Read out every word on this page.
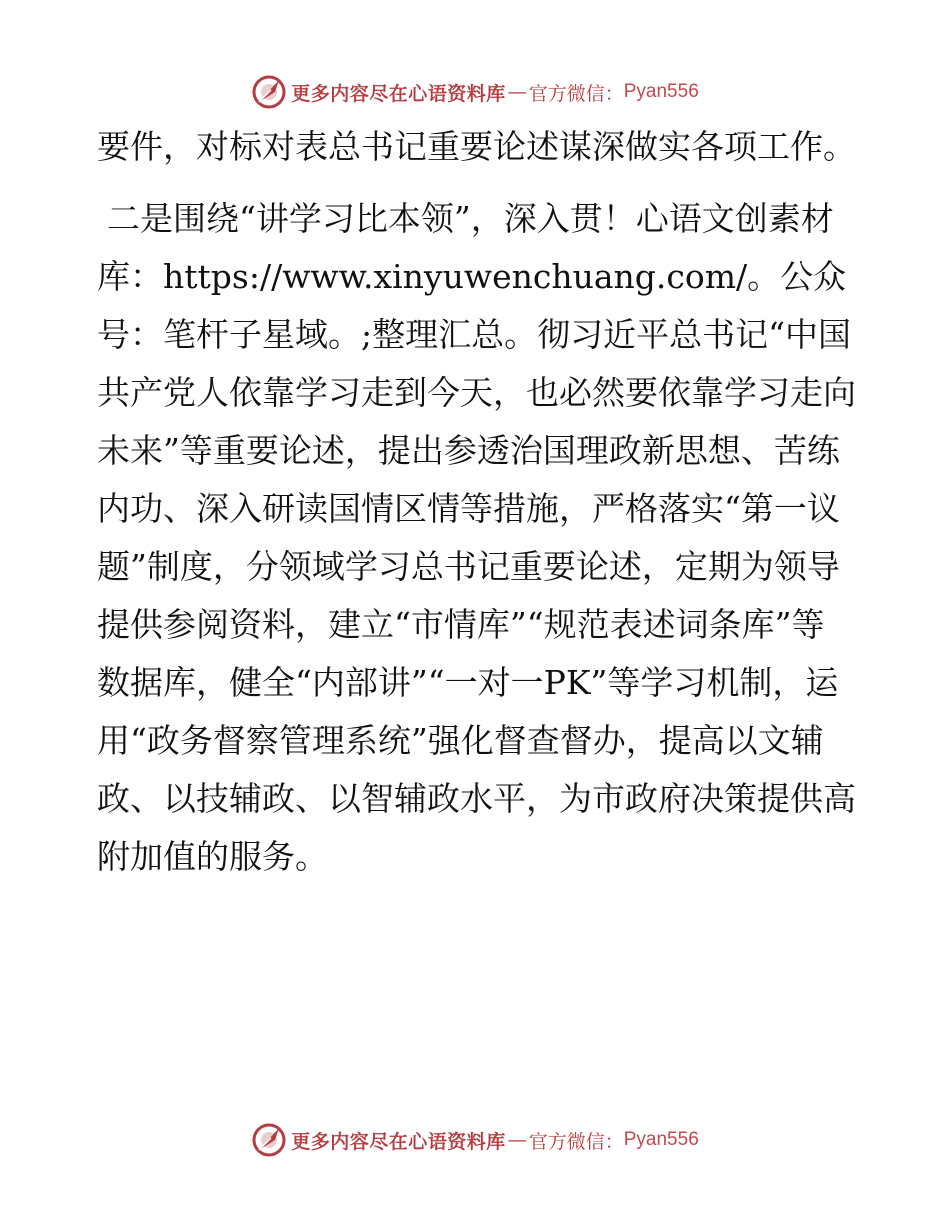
更多内容尽在心语资料库 — 官方微信： Pyan556

要件，对标对表总书记重要论述谋深做实各项工作。

二是围绕“讲学习比本领”，深入贯！心语文创素材库：https://www.xinyuwenchuang.com/。公众号：笔杆子星域。;整理汇总。彻习近平总书记“中国共产党人依靠学习走到今天，也必然要依靠学习走向未来”等重要论述，提出参透治国理政新思想、苦练内功、深入研读国情区情等措施，严格落实“第一议题”制度，分领域学习总书记重要论述，定期为领导提供参阅资料，建立“市情库”“规范表述词条库”等数据库，健全“内部讲”“一对一PK”等学习机制，运用“政务督察管理系统”强化督查督办，提高以文辅政、以技辅政、以智辅政水平，为市政府决策提供高附加值的服务。

更多内容尽在心语资料库 — 官方微信： Pyan556
